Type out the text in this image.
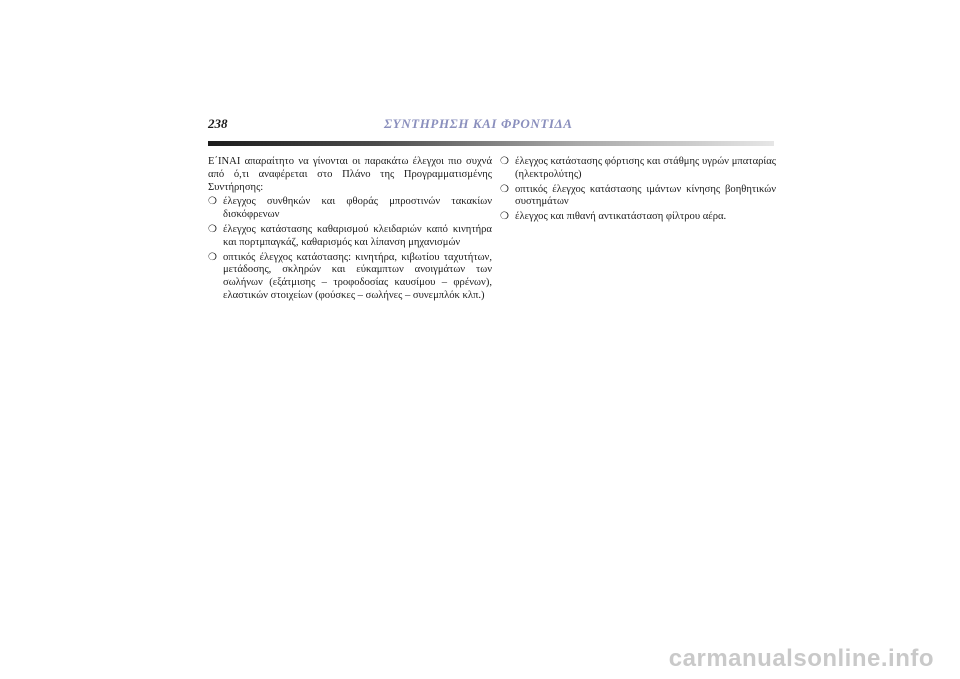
238	ΣΥΝΤΗΡΗΣΗ ΚΑΙ ΦΡΟΝΤΙΔΑ

Ε΄ΙΝΑΙ απαραίτητο να γίνονται οι παρακάτω έλεγχοι πιο συχνά από ό,τι αναφέρεται στο Πλάνο της Προγραμματισμένης Συντήρησης:

❍ έλεγχος συνθηκών και φθοράς μπροστινών τακακίων δισκόφρενων
❍ έλεγχος κατάστασης καθαρισμού κλειδαριών καπό κινητήρα και πορτμπαγκάζ, καθαρισμός και λίπανση μηχανισμών
❍ οπτικός έλεγχος κατάστασης: κινητήρα, κιβωτίου ταχυτήτων, μετάδοσης, σκληρών και εύκαμπτων ανοιγμάτων των σωλήνων (εξάτμισης – τροφοδοσίας καυσίμου – φρένων), ελαστικών στοιχείων (φούσκες – σωλήνες – συνεμπλόκ κλπ.)
❍ έλεγχος κατάστασης φόρτισης και στάθμης υγρών μπαταρίας (ηλεκτρολύτης)
❍ οπτικός έλεγχος κατάστασης ιμάντων κίνησης βοηθητικών συστημάτων
❍ έλεγχος και πιθανή αντικατάσταση φίλτρου αέρα.
carmanualsonline.info
